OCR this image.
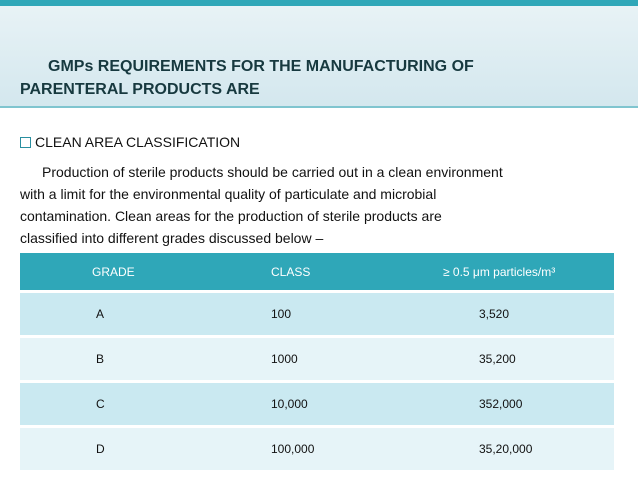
GMPs REQUIREMENTS FOR THE MANUFACTURING OF
PARENTERAL PRODUCTS ARE
CLEAN AREA CLASSIFICATION
Production of sterile products should be carried out in a clean environment
with a limit for the environmental quality of particulate and microbial
contamination. Clean areas for the production of sterile products are
classified into different grades discussed below –
GRADE	CLASS	≥ 0.5 μm particles/m³
A	100	3,520
B	1000	35,200
C	10,000	352,000
D	100,000	35,20,000
